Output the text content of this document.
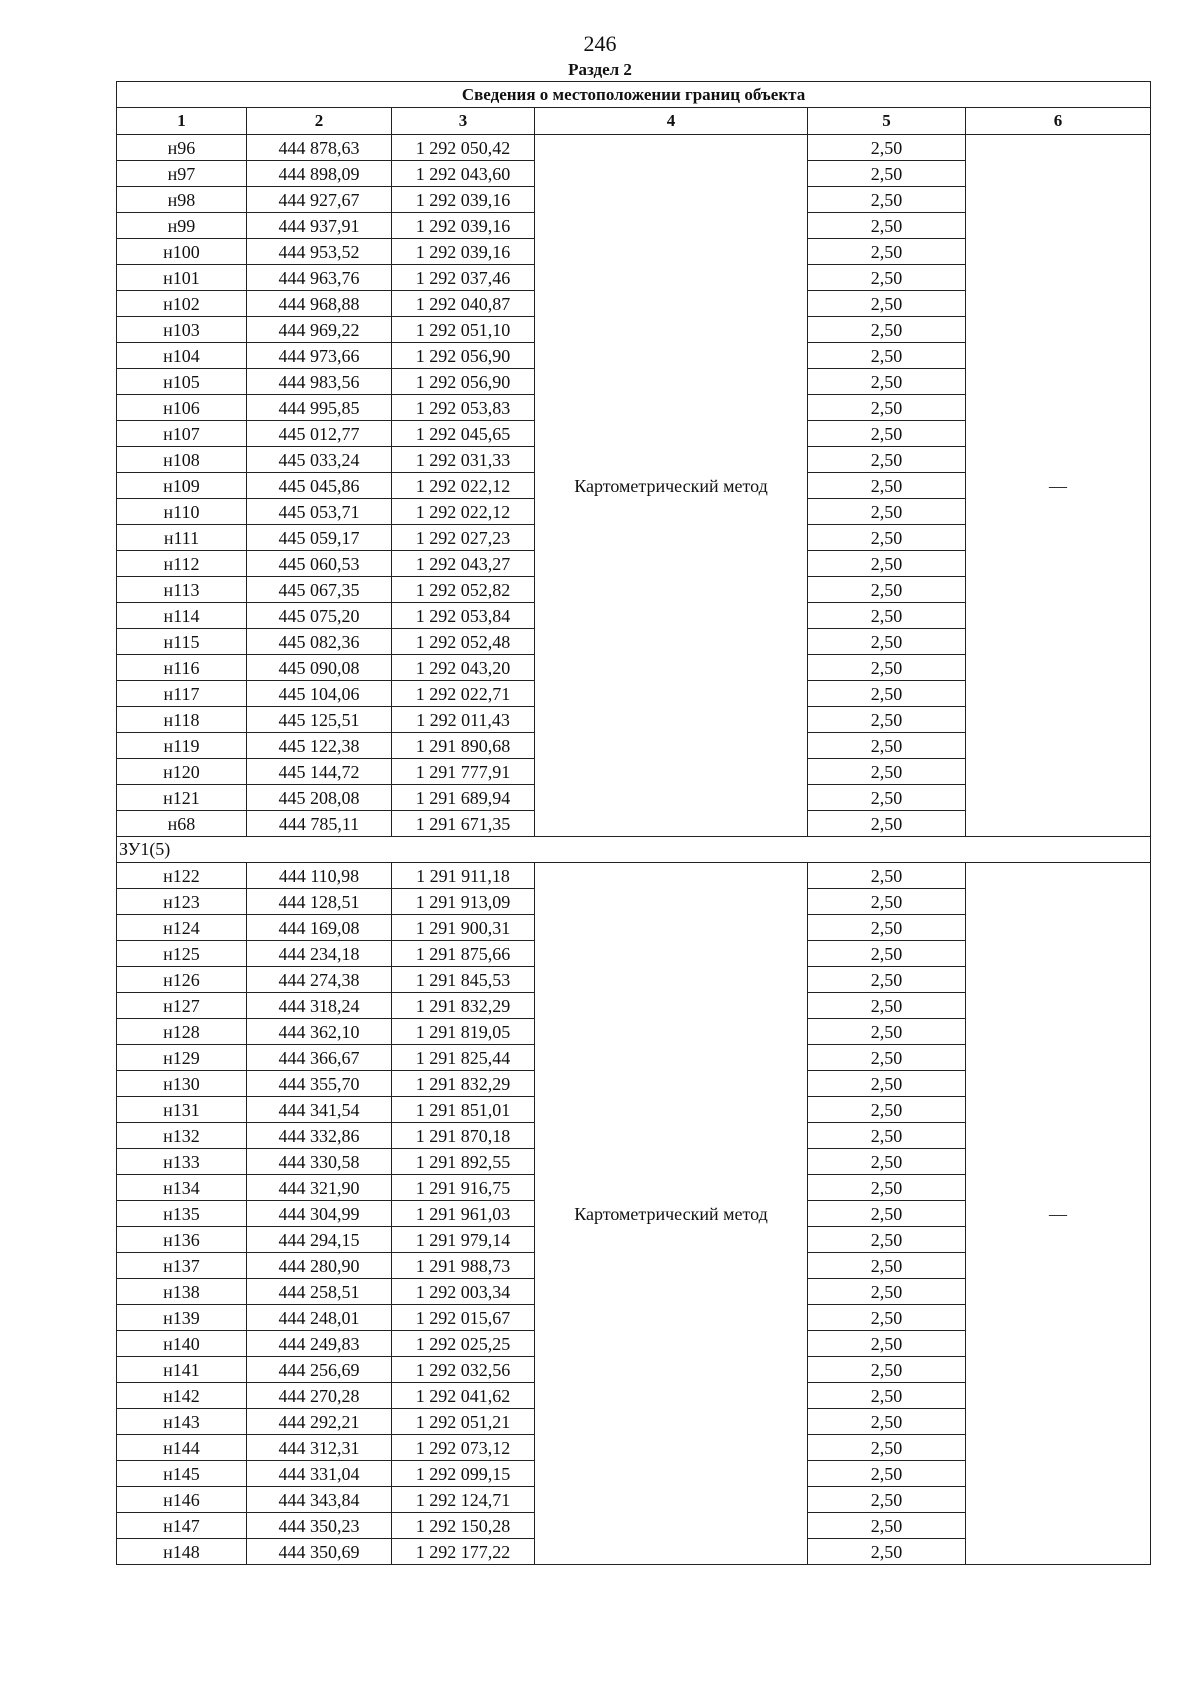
246
Раздел 2
Сведения о местоположении границ объекта					
1	2	3	4	5	6
н96	444 878,63	1 292 050,42	Картометрический метод	2,50	—
н97	444 898,09	1 292 043,60		2,50	
н98	444 927,67	1 292 039,16		2,50	
н99	444 937,91	1 292 039,16		2,50	
н100	444 953,52	1 292 039,16		2,50	
н101	444 963,76	1 292 037,46		2,50	
н102	444 968,88	1 292 040,87		2,50	
н103	444 969,22	1 292 051,10		2,50	
н104	444 973,66	1 292 056,90		2,50	
н105	444 983,56	1 292 056,90		2,50	
н106	444 995,85	1 292 053,83		2,50	
н107	445 012,77	1 292 045,65		2,50	
н108	445 033,24	1 292 031,33		2,50	
н109	445 045,86	1 292 022,12		2,50	
н110	445 053,71	1 292 022,12		2,50	
н111	445 059,17	1 292 027,23		2,50	
н112	445 060,53	1 292 043,27		2,50	
н113	445 067,35	1 292 052,82		2,50	
н114	445 075,20	1 292 053,84		2,50	
н115	445 082,36	1 292 052,48		2,50	
н116	445 090,08	1 292 043,20		2,50	
н117	445 104,06	1 292 022,71		2,50	
н118	445 125,51	1 292 011,43		2,50	
н119	445 122,38	1 291 890,68		2,50	
н120	445 144,72	1 291 777,91		2,50	
н121	445 208,08	1 291 689,94		2,50	
н68	444 785,11	1 291 671,35		2,50	
ЗУ1(5)					
н122	444 110,98	1 291 911,18	Картометрический метод	2,50	—
н123	444 128,51	1 291 913,09		2,50	
н124	444 169,08	1 291 900,31		2,50	
н125	444 234,18	1 291 875,66		2,50	
н126	444 274,38	1 291 845,53		2,50	
н127	444 318,24	1 291 832,29		2,50	
н128	444 362,10	1 291 819,05		2,50	
н129	444 366,67	1 291 825,44		2,50	
н130	444 355,70	1 291 832,29		2,50	
н131	444 341,54	1 291 851,01		2,50	
н132	444 332,86	1 291 870,18		2,50	
н133	444 330,58	1 291 892,55		2,50	
н134	444 321,90	1 291 916,75		2,50	
н135	444 304,99	1 291 961,03		2,50	
н136	444 294,15	1 291 979,14		2,50	
н137	444 280,90	1 291 988,73		2,50	
н138	444 258,51	1 292 003,34		2,50	
н139	444 248,01	1 292 015,67		2,50	
н140	444 249,83	1 292 025,25		2,50	
н141	444 256,69	1 292 032,56		2,50	
н142	444 270,28	1 292 041,62		2,50	
н143	444 292,21	1 292 051,21		2,50	
н144	444 312,31	1 292 073,12		2,50	
н145	444 331,04	1 292 099,15		2,50	
н146	444 343,84	1 292 124,71		2,50	
н147	444 350,23	1 292 150,28		2,50	
н148	444 350,69	1 292 177,22		2,50	
